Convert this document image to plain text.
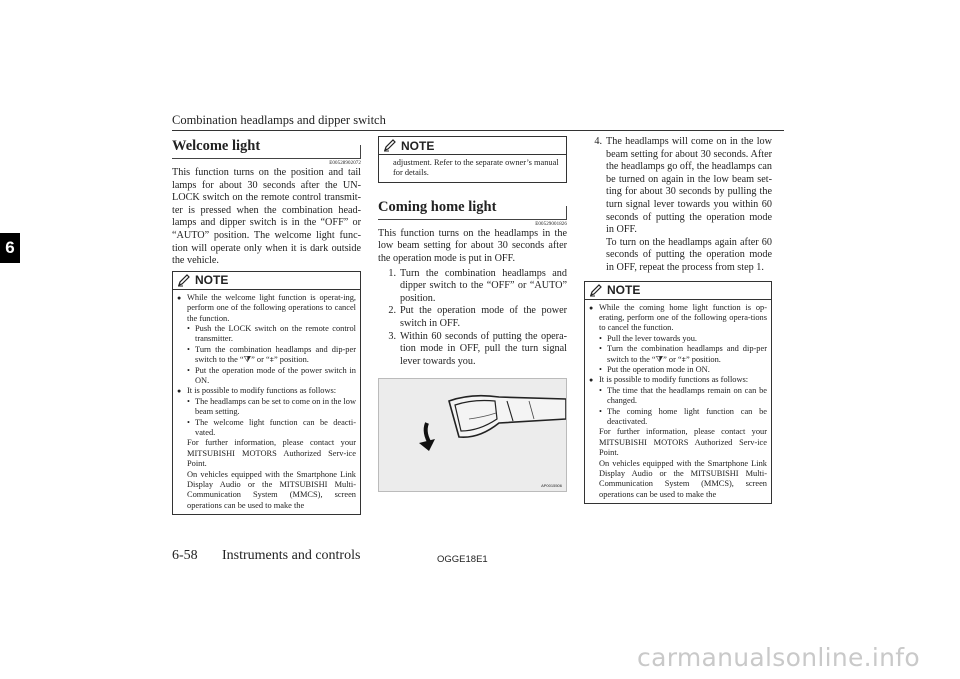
Combination headlamps and dipper switch
6
Welcome light
E00528902072

This function turns on the position and tail lamps for about 30 seconds after the UN-LOCK switch on the remote control transmit-ter is pressed when the combination head-lamps and dipper switch is in the “OFF” or “AUTO” position. The welcome light func-tion will operate only when it is dark outside the vehicle.

NOTE
● While the welcome light function is operat-ing, perform one of the following operations to cancel the function.
• Push the LOCK switch on the remote control transmitter.
• Turn the combination headlamps and dip-per switch to the “⧩” or “⧧” position.
• Put the operation mode of the power switch in ON.
● It is possible to modify functions as follows:
• The headlamps can be set to come on in the low beam setting.
• The welcome light function can be deacti-vated.
For further information, please contact your MITSUBISHI MOTORS Authorized Serv-ice Point.
On vehicles equipped with the Smartphone Link Display Audio or the MITSUBISHI Multi-Communication System (MMCS), screen operations can be used to make the
NOTE
adjustment. Refer to the separate owner’s manual for details.
Coming home light
E00529001826

This function turns on the headlamps in the low beam setting for about 30 seconds after the operation mode is put in OFF.

1. Turn the combination headlamps and dipper switch to the “OFF” or “AUTO” position.
2. Put the operation mode of the power switch in OFF.
3. Within 60 seconds of putting the opera-tion mode in OFF, pull the turn signal lever towards you.
AP0015506
4. The headlamps will come on in the low beam setting for about 30 seconds. After the headlamps go off, the headlamps can be turned on again in the low beam set-ting for about 30 seconds by pulling the turn signal lever towards you within 60 seconds of putting the operation mode in OFF.
To turn on the headlamps again after 60 seconds of putting the operation mode in OFF, repeat the process from step 1.
NOTE
● While the coming home light function is op-erating, perform one of the following opera-tions to cancel the function.
• Pull the lever towards you.
• Turn the combination headlamps and dip-per switch to the “⧩” or “⧧” position.
• Put the operation mode in ON.
● It is possible to modify functions as follows:
• The time that the headlamps remain on can be changed.
• The coming home light function can be deactivated.
For further information, please contact your MITSUBISHI MOTORS Authorized Serv-ice Point.
On vehicles equipped with the Smartphone Link Display Audio or the MITSUBISHI Multi-Communication System (MMCS), screen operations can be used to make the
6-58 Instruments and controls	OGGE18E1
carmanualsonline.info
